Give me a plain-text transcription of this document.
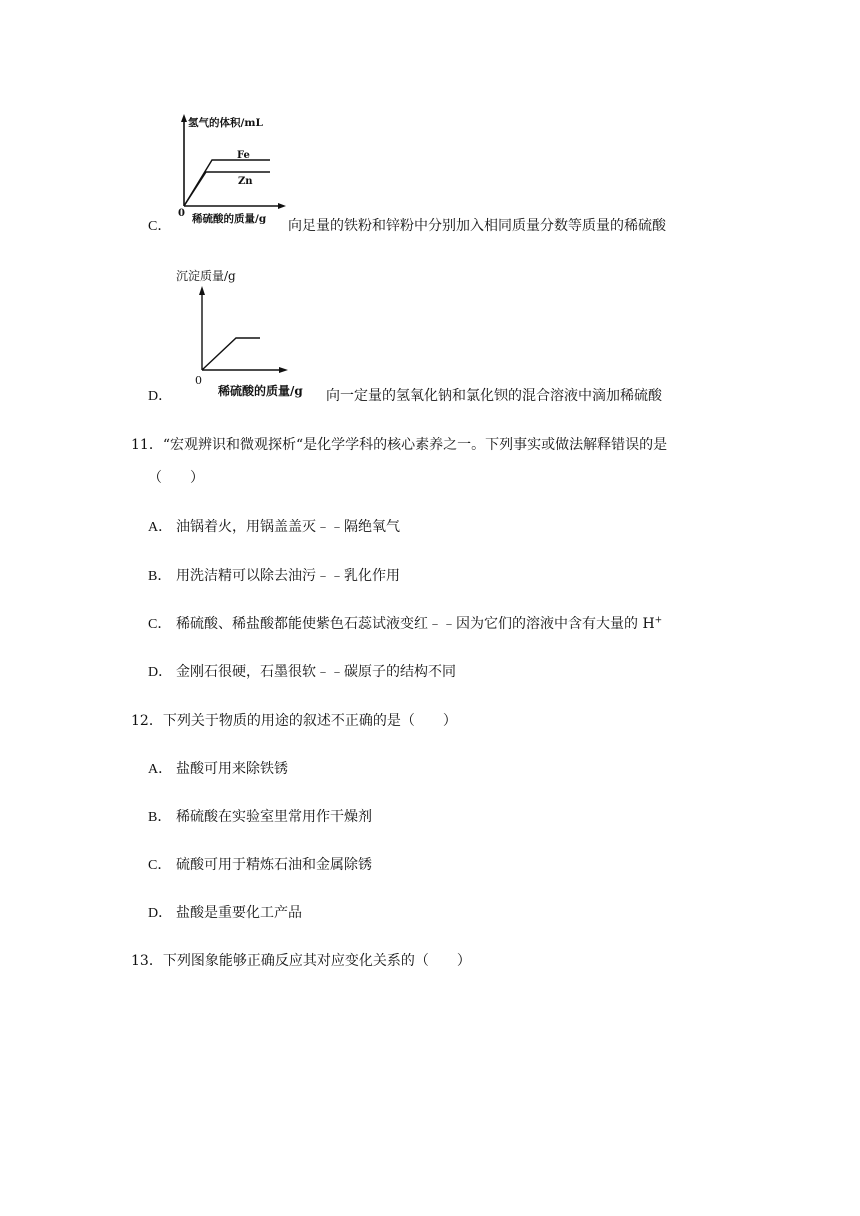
氢气的体积/mL
0 稀硫酸的质量/g
Fe
Zn
C．	向足量的铁粉和锌粉中分别加入相同质量分数等质量的稀硫酸
沉淀质量/g
0
稀硫酸的质量/g
D．	向一定量的氢氧化钠和氯化钡的混合溶液中滴加稀硫酸
11．“宏观辨识和微观探析“是化学学科的核心素养之一。下列事实或做法解释错误的是
（　　）
A． 油锅着火，用锅盖盖灭﹣﹣隔绝氧气
B． 用洗洁精可以除去油污﹣﹣乳化作用
C． 稀硫酸、稀盐酸都能使紫色石蕊试液变红﹣﹣因为它们的溶液中含有大量的 H+
D． 金刚石很硬，石墨很软﹣﹣碳原子的结构不同
12．下列关于物质的用途的叙述不正确的是（　　）
A． 盐酸可用来除铁锈
B． 稀硫酸在实验室里常用作干燥剂
C． 硫酸可用于精炼石油和金属除锈
D． 盐酸是重要化工产品
13．下列图象能够正确反应其对应变化关系的（　　）
